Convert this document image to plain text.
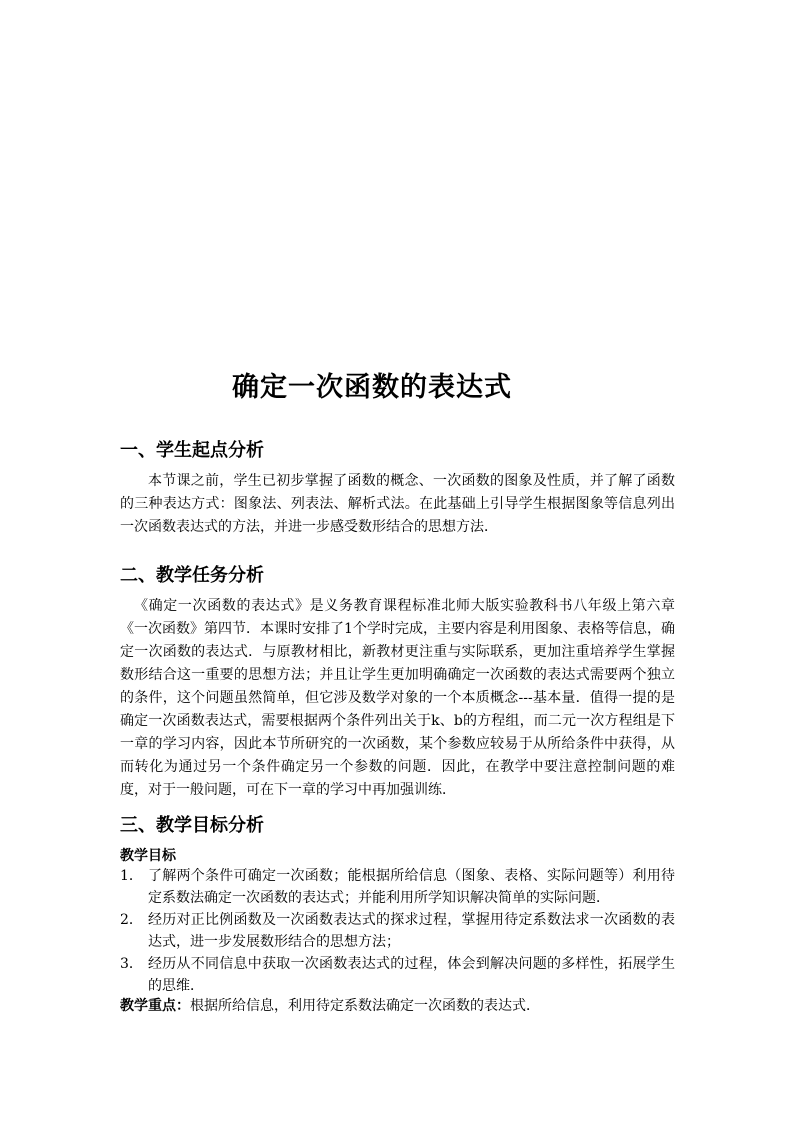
确定一次函数的表达式
一、学生起点分析

本节课之前，学生已初步掌握了函数的概念、一次函数的图象及性质，并了解了函数的三种表达方式：图象法、列表法、解析式法。在此基础上引导学生根据图象等信息列出一次函数表达式的方法，并进一步感受数形结合的思想方法．

二、教学任务分析

《确定一次函数的表达式》是义务教育课程标准北师大版实验教科书八年级上第六章《一次函数》第四节．本课时安排了1个学时完成，主要内容是利用图象、表格等信息，确定一次函数的表达式．与原教材相比，新教材更注重与实际联系，更加注重培养学生掌握数形结合这一重要的思想方法；并且让学生更加明确确定一次函数的表达式需要两个独立的条件，这个问题虽然简单，但它涉及数学对象的一个本质概念---基本量．值得一提的是确定一次函数表达式，需要根据两个条件列出关于k、b的方程组，而二元一次方程组是下一章的学习内容，因此本节所研究的一次函数，某个参数应较易于从所给条件中获得，从而转化为通过另一个条件确定另一个参数的问题．因此，在教学中要注意控制问题的难度，对于一般问题，可在下一章的学习中再加强训练．

三、教学目标分析
教学目标
1． 了解两个条件可确定一次函数；能根据所给信息（图象、表格、实际问题等）利用待定系数法确定一次函数的表达式；并能利用所学知识解决简单的实际问题．
2． 经历对正比例函数及一次函数表达式的探求过程，掌握用待定系数法求一次函数的表达式，进一步发展数形结合的思想方法；
3． 经历从不同信息中获取一次函数表达式的过程，体会到解决问题的多样性，拓展学生的思维．

教学重点：根据所给信息，利用待定系数法确定一次函数的表达式．
